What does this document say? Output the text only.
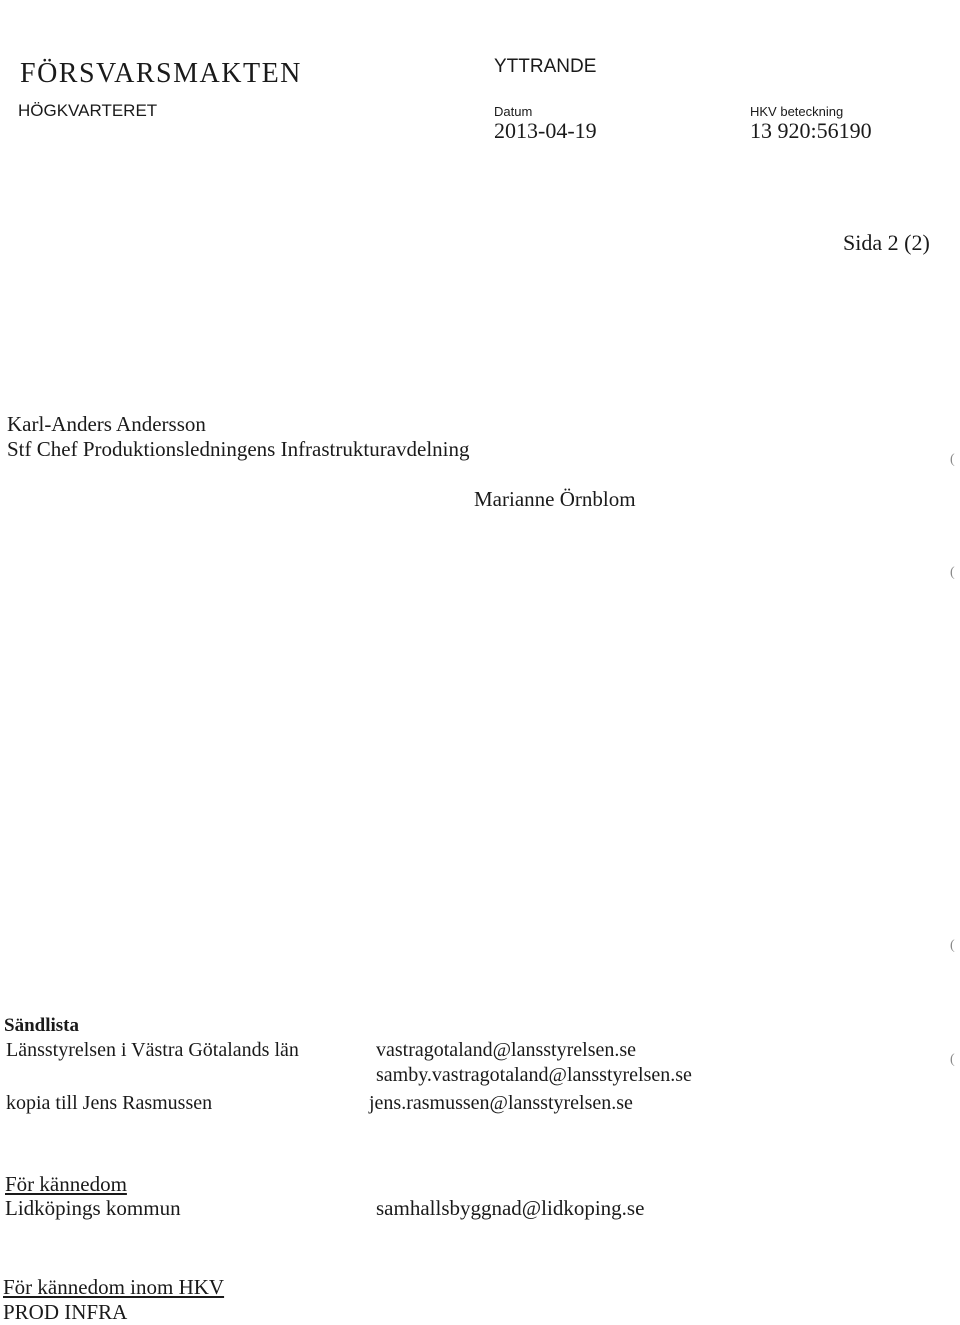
FÖRSVARSMAKTEN
HÖGKVARTERET
YTTRANDE
Datum
2013-04-19
HKV beteckning
13 920:56190
Sida 2 (2)
Karl-Anders Andersson
Stf Chef Produktionsledningens Infrastrukturavdelning
Marianne Örnblom
Sändlista
Länsstyrelsen i Västra Götalands län	vastragotaland@lansstyrelsen.se
samby.vastragotaland@lansstyrelsen.se
kopia till Jens Rasmussen	jens.rasmussen@lansstyrelsen.se
För kännedom
Lidköpings kommun	samhallsbyggnad@lidkoping.se
För kännedom inom HKV
PROD INFRA
(
(
(
(
